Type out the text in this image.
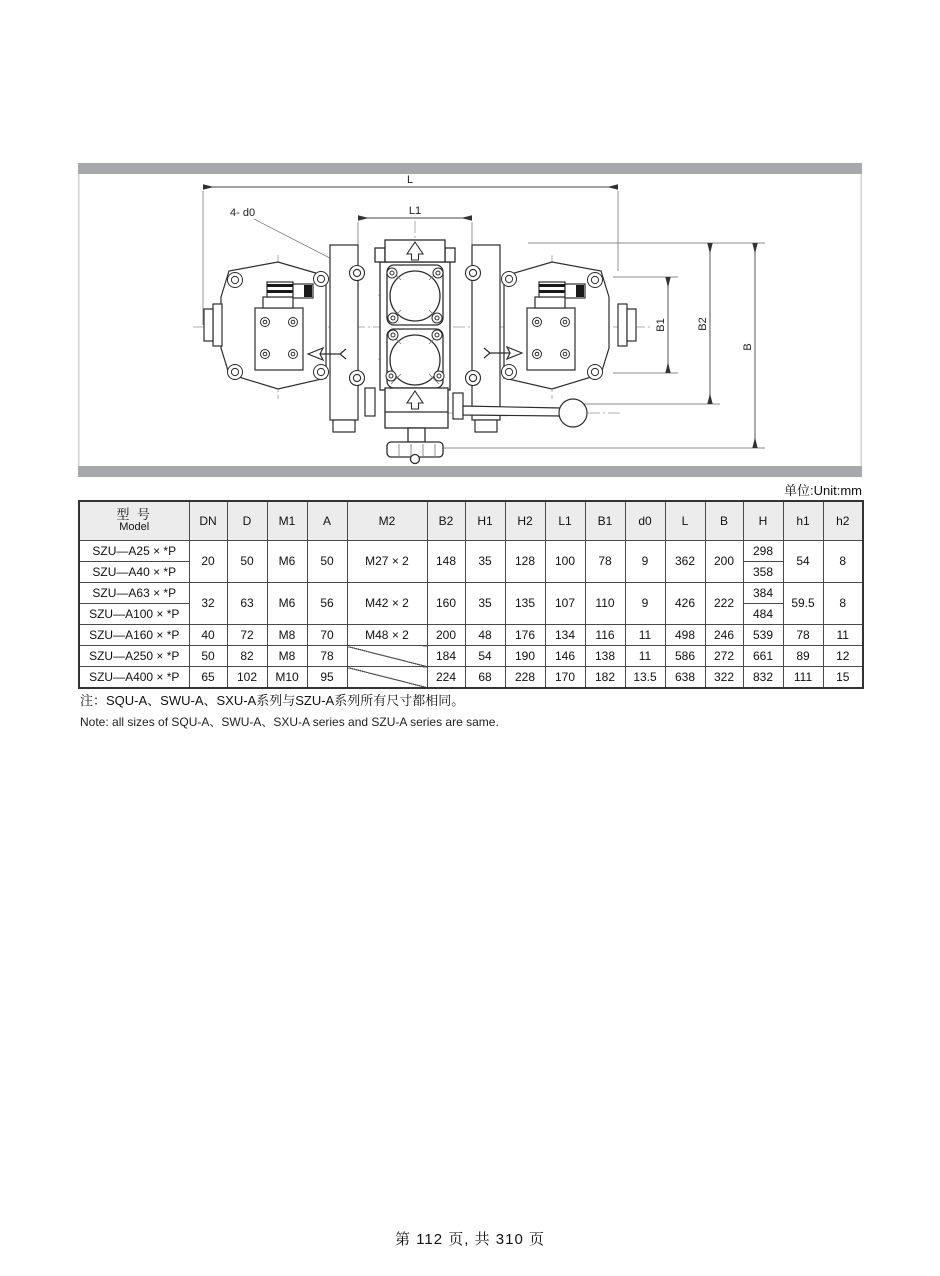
L
L1
4- d0
B1	B2
B
单位:Unit:mm
型 号
Model	DN	D	M1	A	M2	B2	H1	H2	L1	B1	d0	L	B	H	h1	h2
SZU—A25 × *P	20	50	M6	50	M27 × 2	148	35	128	100	78	9	362	200	298	54	8
SZU—A40 × *P														358		
SZU—A63 × *P	32	63	M6	56	M42 × 2	160	35	135	107	110	9	426	222	384	59.5	8
SZU—A100 × *P														484		
SZU—A160 × *P	40	72	M8	70	M48 × 2	200	48	176	134	116	11	498	246	539	78	11
SZU—A250 × *P	50	82	M8	78		184	54	190	146	138	11	586	272	661	89	12
SZU—A400 × *P	65	102	M10	95		224	68	228	170	182	13.5	638	322	832	111	15
注：SQU-A、SWU-A、SXU-A系列与SZU-A系列所有尺寸都相同。
Note: all sizes of SQU-A、SWU-A、SXU-A series and SZU-A series are same.
第 112 页, 共 310 页
